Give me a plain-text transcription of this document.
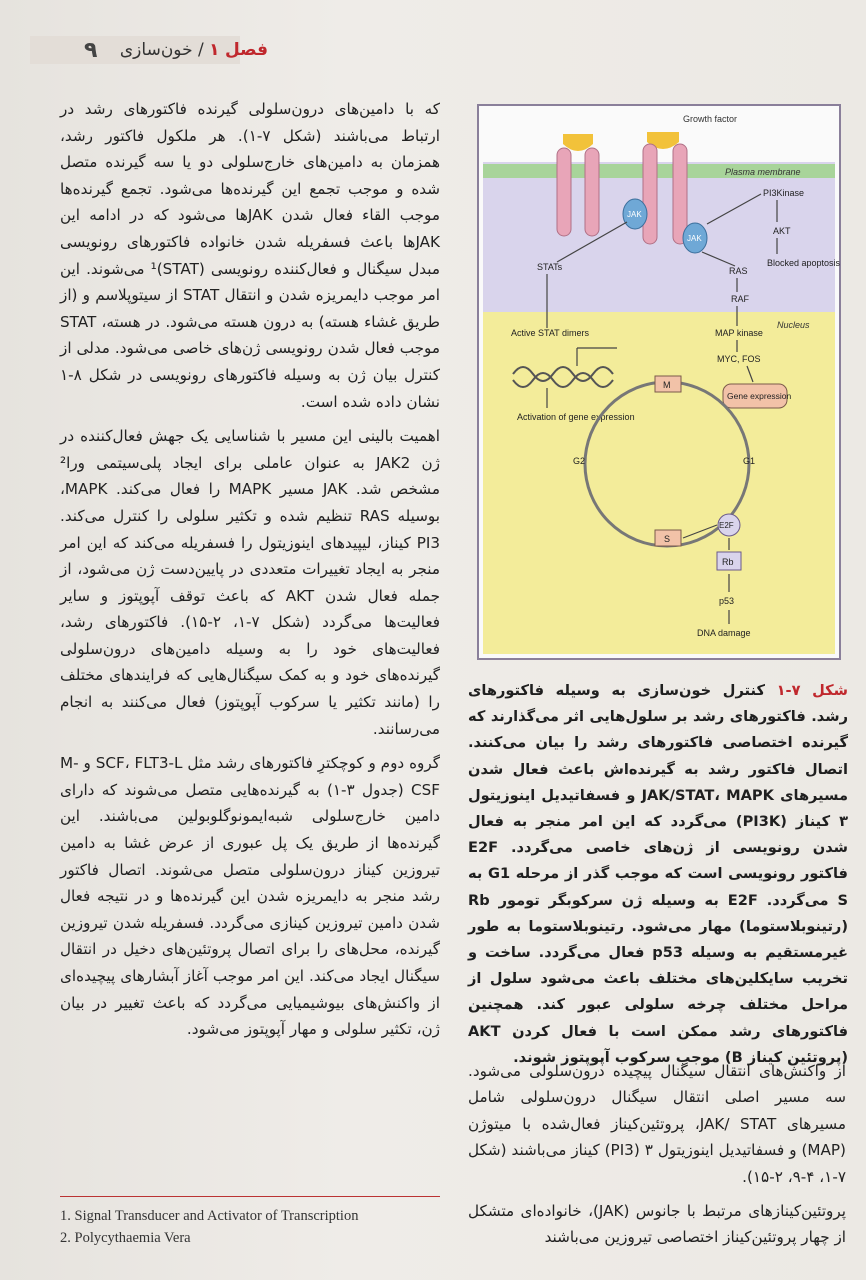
۹	فصل ۱ / خون‌سازی

که با دامین‌های درون‌سلولی گیرنده فاکتورهای رشد در ارتباط می‌باشند (شکل ۷-۱). هر ملکول فاکتور رشد، همزمان به دامین‌های خارج‌سلولی دو یا سه گیرنده متصل شده و موجب تجمع این گیرنده‌ها می‌شود. تجمع گیرنده‌ها موجب القاء فعال شدن JAKها می‌شود که در ادامه این JAKها باعث فسفریله شدن خانواده فاکتورهای رونویسی مبدل سیگنال و فعال‌کننده رونویسی (STAT)¹ می‌شوند. این امر موجب دایمریزه شدن و انتقال STAT از سیتوپلاسم و (از طریق غشاء هسته) به درون هسته می‌شود. در هسته، STAT موجب فعال شدن رونویسی ژن‌های خاصی می‌شود. مدلی از کنترل بیان ژن به وسیله فاکتورهای رونویسی در شکل ۸-۱ نشان داده شده است.

اهمیت بالینی این مسیر با شناسایی یک جهش فعال‌کننده در ژن JAK2 به عنوان عاملی برای ایجاد پلی‌سیتمی ورا² مشخص شد. JAK مسیر MAPK را فعال می‌کند. MAPK، بوسیله RAS تنظیم شده و تکثیر سلولی را کنترل می‌کند. PI3 کیناز، لیپیدهای اینوزیتول را فسفریله می‌کند که این امر منجر به ایجاد تغییرات متعددی در پایین‌دست ژن می‌شود، از جمله فعال شدن AKT که باعث توقف آپوپتوز و سایر فعالیت‌ها می‌گردد (شکل ۷-۱، ۲-۱۵). فاکتورهای رشد، فعالیت‌های خود را به وسیله دامین‌های درون‌سلولی گیرنده‌های خود و به کمک سیگنال‌هایی که فرایندهای مختلف را (مانند تکثیر یا سرکوب آپوپتوز) فعال می‌کنند به انجام می‌رسانند.

گروه دوم و کوچکترِ فاکتورهای رشد مثل SCF، FLT3-L و M-CSF (جدول ۳-۱) به گیرنده‌هایی متصل می‌شوند که دارای دامین خارج‌سلولی شبه‌ایمونوگلوبولین می‌باشند. این گیرنده‌ها از طریق یک پل عبوری از عرض غشا به دامین تیروزین کیناز درون‌سلولی متصل می‌شوند. اتصال فاکتور رشد منجر به دایمریزه شدن این گیرنده‌ها و در نتیجه فعال شدن دامین تیروزین کینازی می‌گردد. فسفریله شدن تیروزین گیرنده، محل‌های را برای اتصال پروتئین‌های دخیل در انتقال سیگنال ایجاد می‌کند. این امر موجب آغاز آبشارهای پیچیده‌ای از واکنش‌های بیوشیمیایی می‌گردد که باعث تغییر در بیان ژن، تکثیر سلولی و مهار آپوپتوز می‌شود.

Growth factor
JAK
JAK
Plasma membrane
PI3Kinase
AKT
Blocked apoptosis
STATs	RAS
RAF
Nucleus
MAP kinase
MYC, FOS
Gene expression
Active STAT dimers
Activation of gene expression
M
G2	G1
S
E2F
Rb
p53
DNA damage
شکل ۷-۱ کنترل خون‌سازی به وسیله فاکتورهای رشد. فاکتورهای رشد بر سلول‌هایی اثر می‌گذارند که گیرنده اختصاصی فاکتورهای رشد را بیان می‌کنند. اتصال فاکتور رشد به گیرنده‌اش باعث فعال شدن مسیرهای JAK/STAT، MAPK و فسفاتیدیل اینوزیتول ۳ کیناز (PI3K) می‌گردد که این امر منجر به فعال شدن رونویسی از ژن‌های خاصی می‌گردد. E2F فاکتور رونویسی است که موجب گذر از مرحله G1 به S می‌گردد. E2F به وسیله ژن سرکوبگر تومور Rb (رتینوبلاستوما) مهار می‌شود. رتینوبلاستوما به طور غیرمستقیم به وسیله p53 فعال می‌گردد. ساخت و تخریب سایکلین‌های مختلف باعث می‌شود سلول از مراحل مختلف چرخه سلولی عبور کند. همچنین فاکتورهای رشد ممکن است با فعال کردن AKT (پروتئین کیناز B) موجب سرکوب آپوپتوز شوند.

از واکنش‌های انتقال سیگنال پیچیده درون‌سلولی می‌شود. سه مسیر اصلی انتقال سیگنال درون‌سلولی شامل مسیرهای JAK/ STAT، پروتئین‌کیناز فعال‌شده با میتوژن (MAP) و فسفاتیدیل اینوزیتول ۳ (PI3) کیناز می‌باشند (شکل ۷-۱، ۴-۹، ۲-۱۵).

پروتئین‌کینازهای مرتبط با جانوس (JAK)، خانواده‌ای متشکل از چهار پروتئین‌کیناز اختصاصی تیروزین می‌باشند

1. Signal Transducer and Activator of Transcription
2. Polycythaemia Vera
